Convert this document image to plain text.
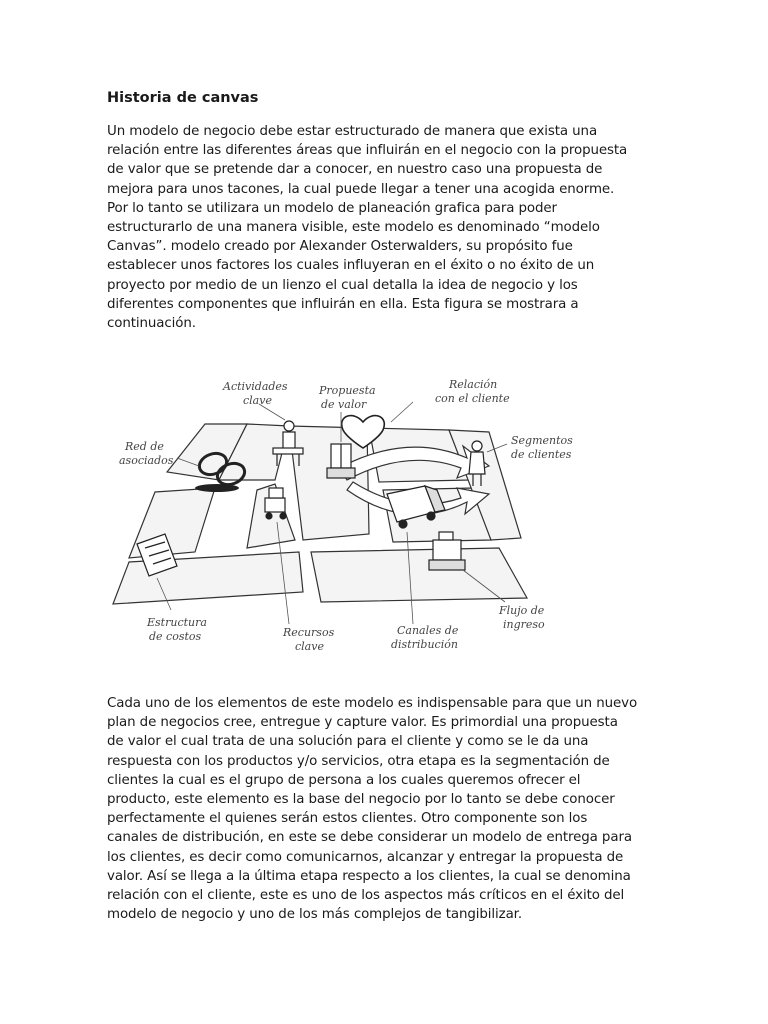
Historia de canvas

Un modelo de negocio debe estar estructurado de manera que exista una
relación entre las diferentes áreas que influirán en el negocio con la propuesta
de valor que se pretende dar a conocer, en nuestro caso una propuesta de
mejora para unos tacones, la cual puede llegar a tener una acogida enorme.
Por lo tanto se utilizara un modelo de planeación grafica para poder
estructurarlo de una manera visible, este modelo es denominado “modelo
Canvas”. modelo creado por Alexander Osterwalders, su propósito fue
establecer unos factores los cuales influyeran en el éxito o no éxito de un
proyecto por medio de un lienzo el cual detalla la idea de negocio y los
diferentes componentes que influirán en ella. Esta figura se mostrara a
continuación.

Cada uno de los elementos de este modelo es indispensable para que un nuevo
plan de negocios cree, entregue y capture valor. Es primordial una propuesta
de valor el cual trata de una solución para el cliente y como se le da una
respuesta con los productos y/o servicios, otra etapa es la segmentación de
clientes la cual es el grupo de persona a los cuales queremos ofrecer el
producto, este elemento es la base del negocio por lo tanto se debe conocer
perfectamente el quienes serán estos clientes. Otro componente son los
canales de distribución, en este se debe considerar un modelo de entrega para
los clientes, es decir como comunicarnos, alcanzar y entregar la propuesta de
valor. Así se llega a la última etapa respecto a los clientes, la cual se denomina
relación con el cliente, este es uno de los aspectos más críticos en el éxito del
modelo de negocio y uno de los más complejos de tangibilizar.

Actividades
clave
Propuesta
de valor
Relación
con el cliente
Red de
asociados
Segmentos
de clientes
Estructura
de costos	Recursos
clave
Canales de
distribución
Flujo de
ingreso
